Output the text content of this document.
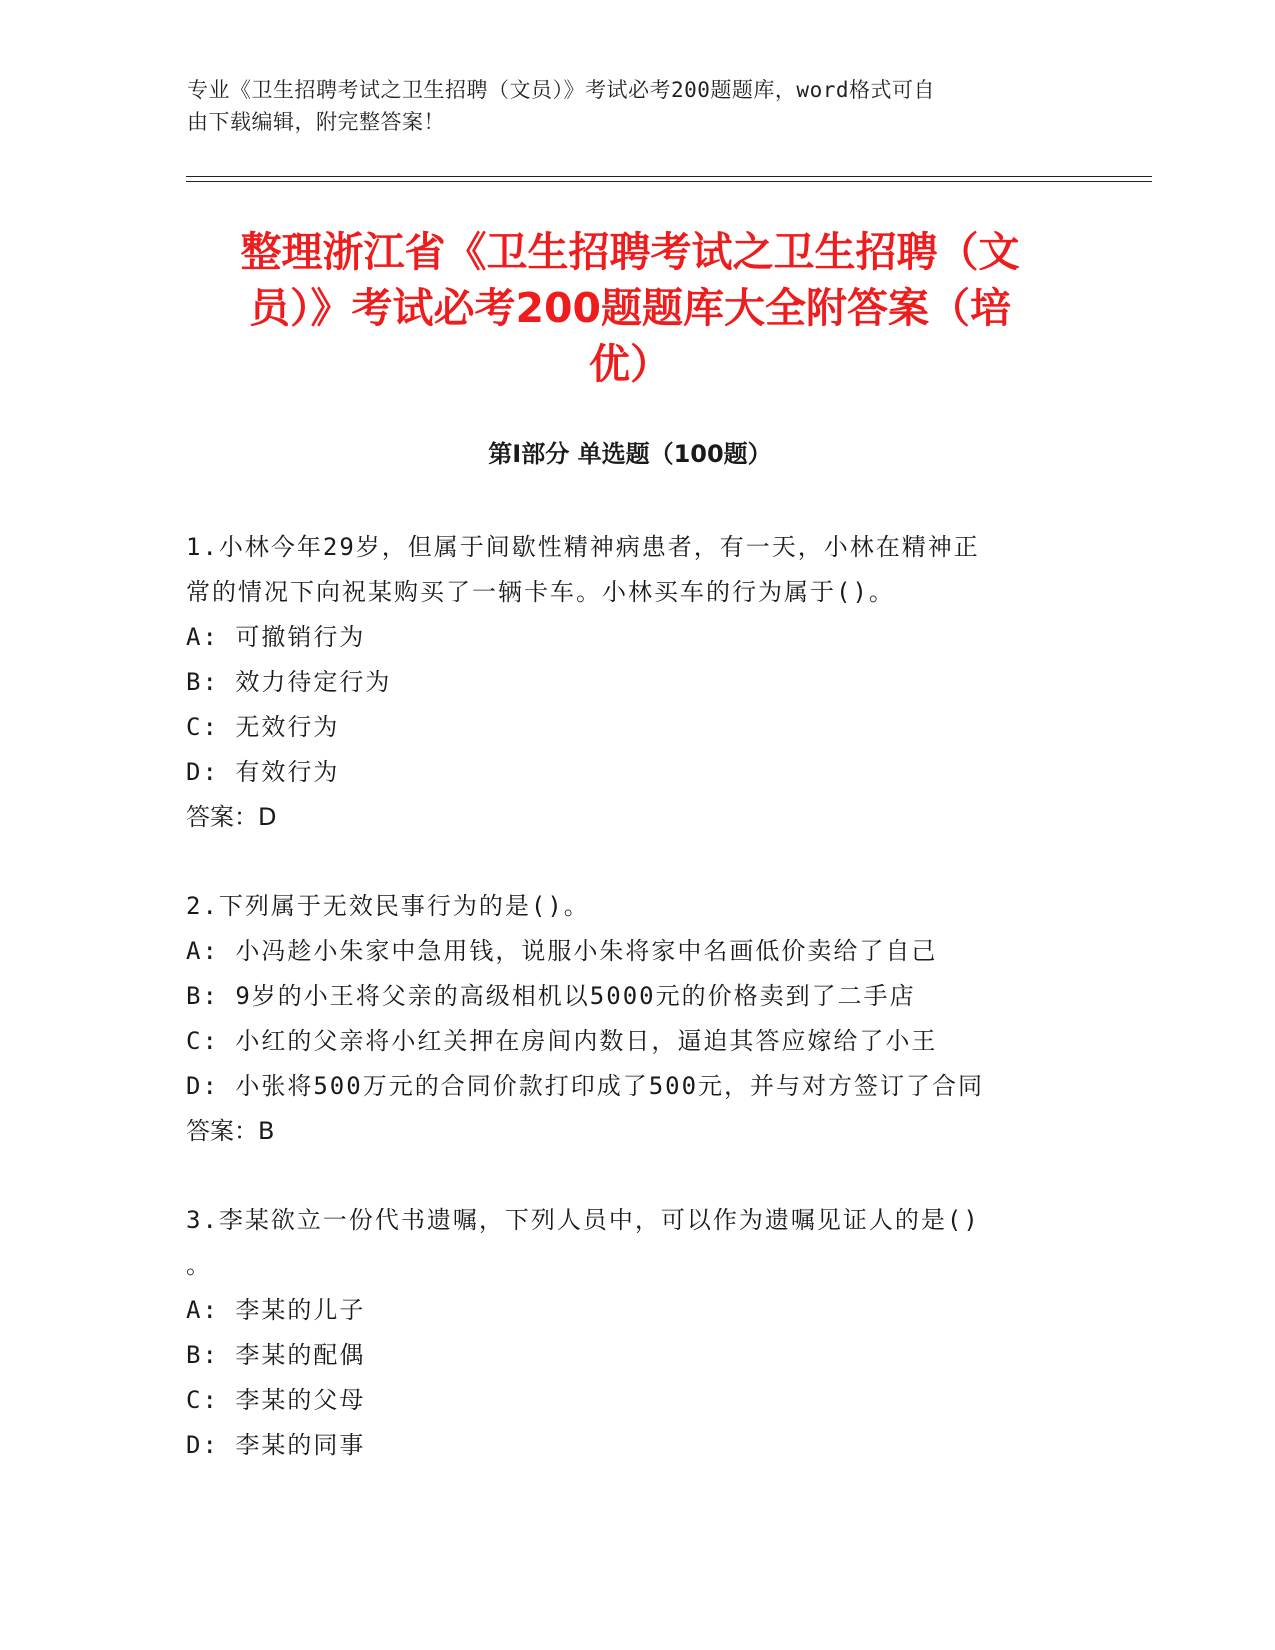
专业《卫生招聘考试之卫生招聘（文员）》考试必考200题题库，word格式可自
由下载编辑，附完整答案！
整理浙江省《卫生招聘考试之卫生招聘（文
员）》考试必考200题题库大全附答案（培
优）
第Ⅰ部分 单选题（100题）
1.小林今年29岁，但属于间歇性精神病患者，有一天，小林在精神正
常的情况下向祝某购买了一辆卡车。小林买车的行为属于()。
A: 可撤销行为
B: 效力待定行为
C: 无效行为
D: 有效行为
答案：D
2.下列属于无效民事行为的是()。
A: 小冯趁小朱家中急用钱，说服小朱将家中名画低价卖给了自己
B: 9岁的小王将父亲的高级相机以5000元的价格卖到了二手店
C: 小红的父亲将小红关押在房间内数日，逼迫其答应嫁给了小王
D: 小张将500万元的合同价款打印成了500元，并与对方签订了合同
答案：B
3.李某欲立一份代书遗嘱，下列人员中，可以作为遗嘱见证人的是()
。
A: 李某的儿子
B: 李某的配偶
C: 李某的父母
D: 李某的同事
